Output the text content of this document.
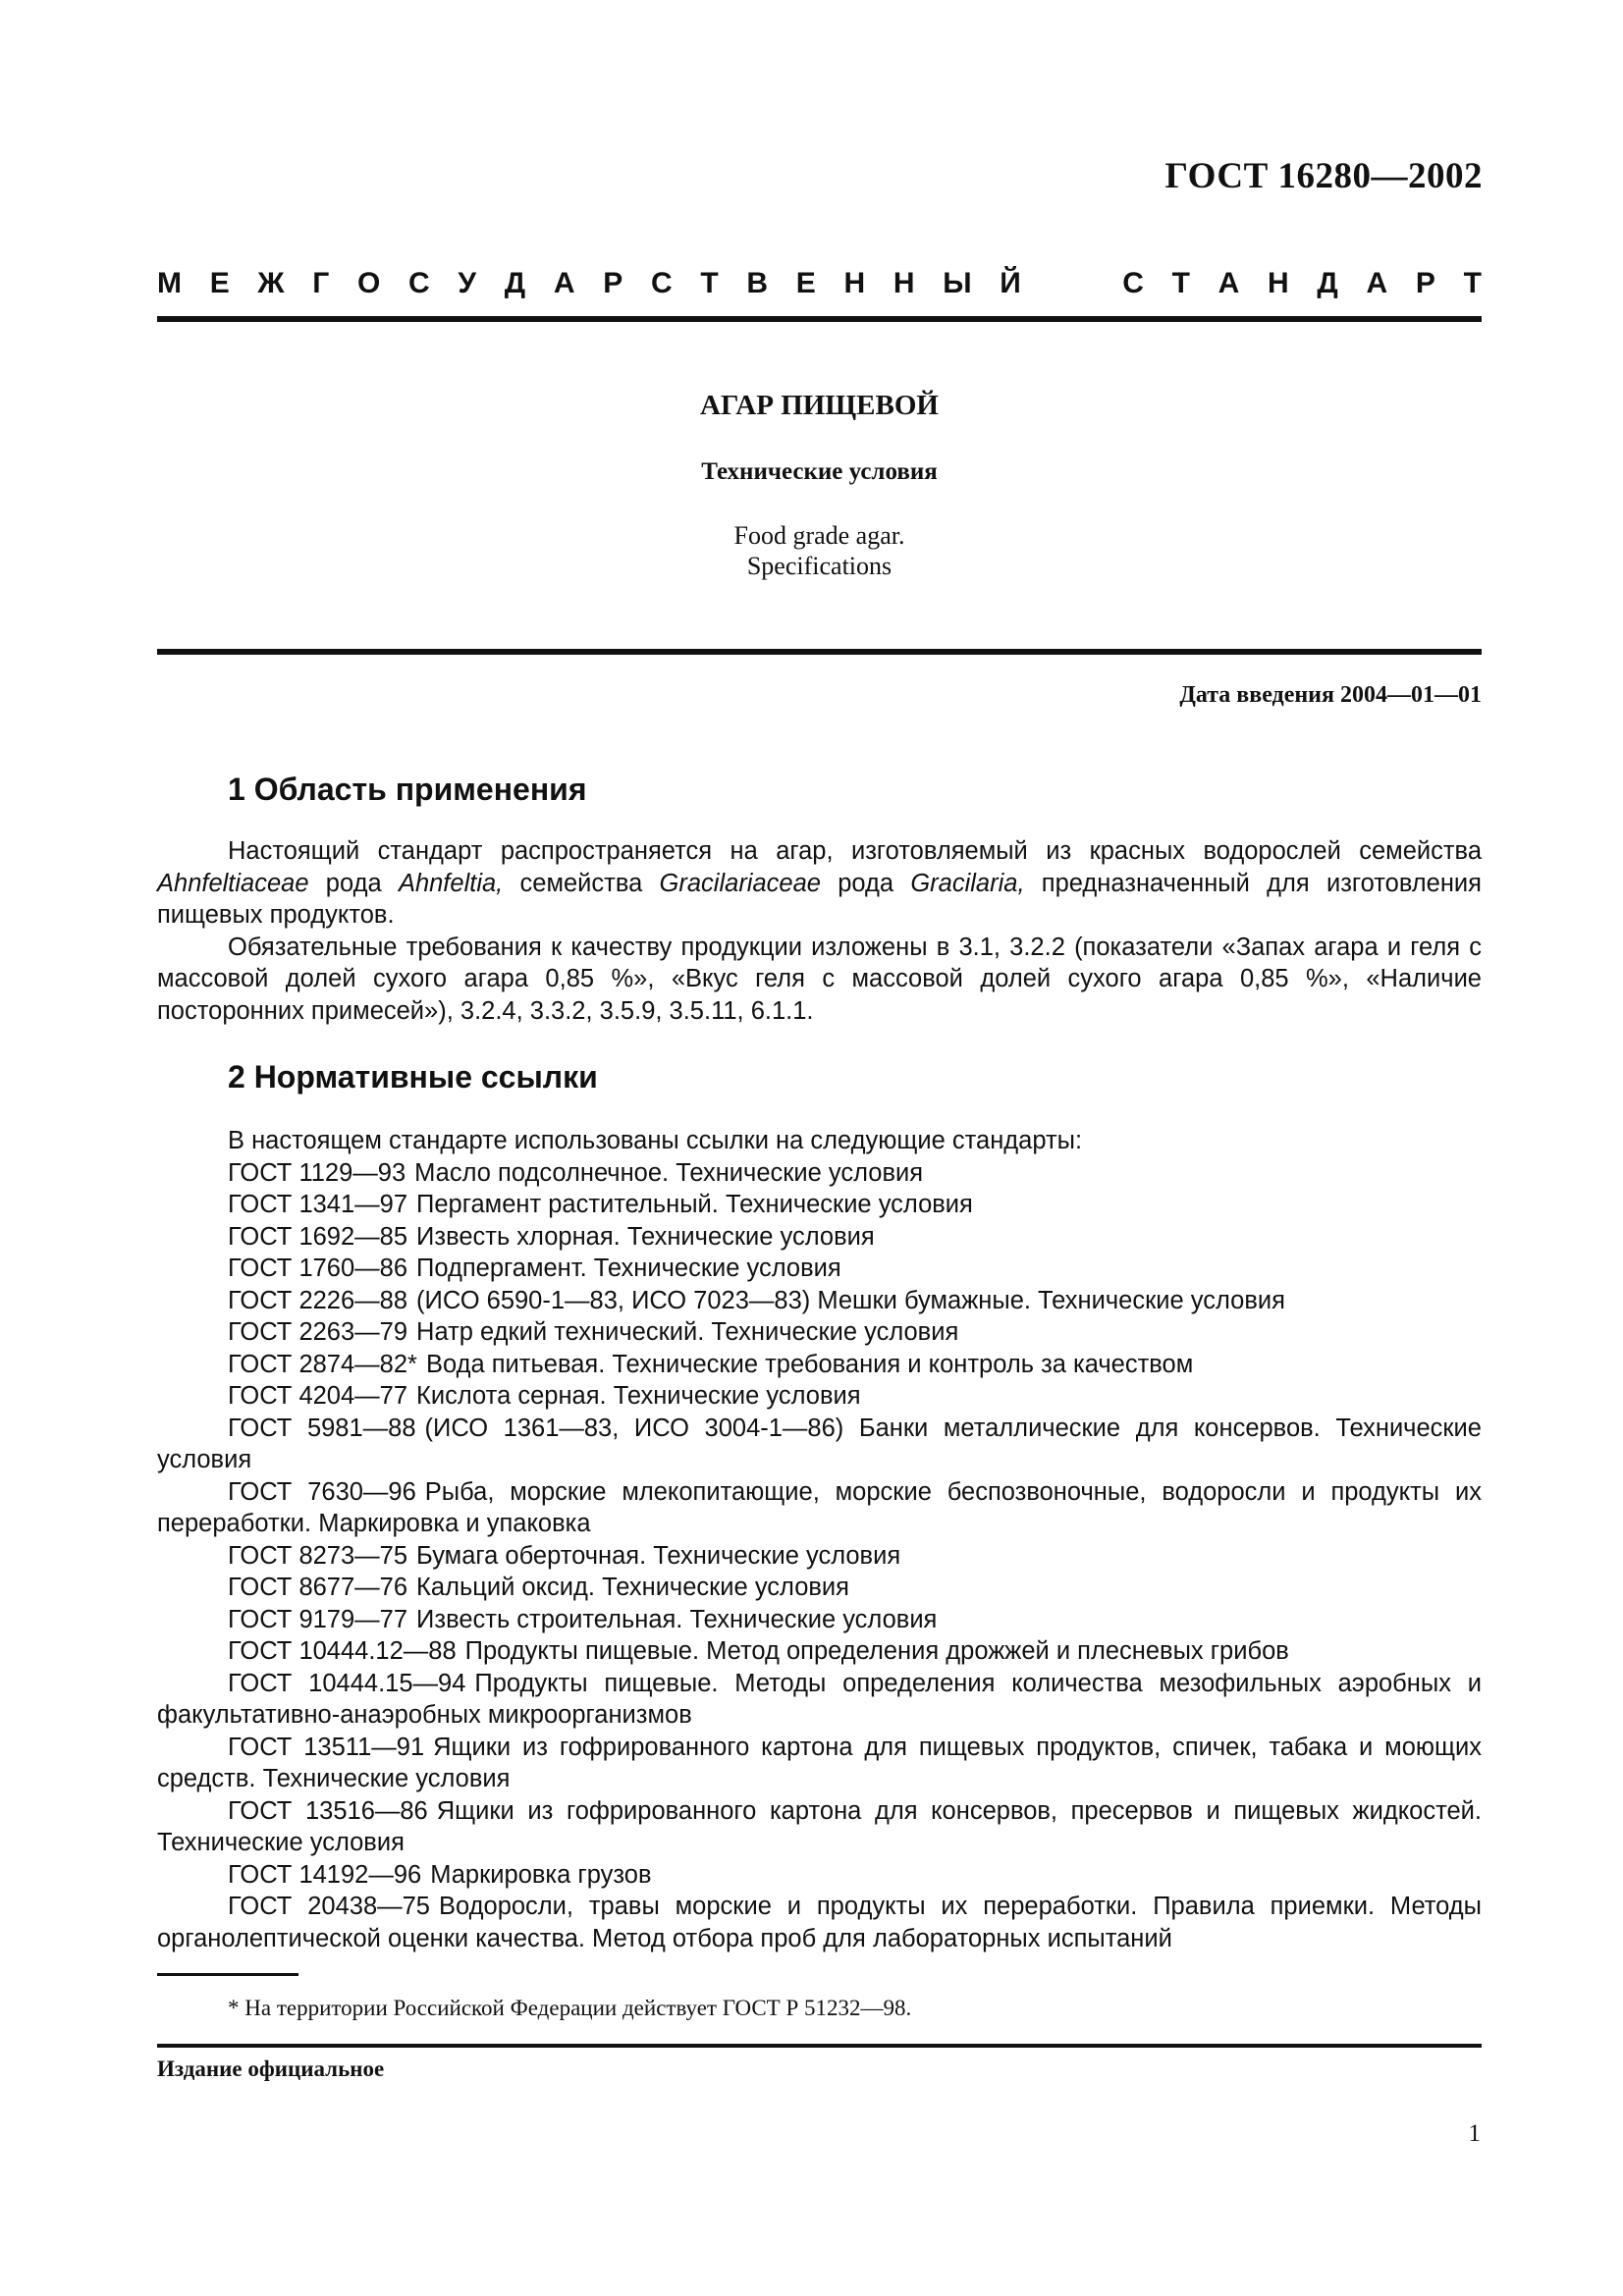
ГОСТ 16280—2002
М Е Ж Г О С У Д А Р С Т В Е Н Н Ы Й	С Т А Н Д А Р Т
АГАР ПИЩЕВОЙ
Технические условия
Food grade agar.
Specifications
Дата введения 2004—01—01
1 Область применения

Настоящий стандарт распространяется на агар, изготовляемый из красных водорослей семейства Ahnfeltiaceae рода Ahnfeltia, семейства Gracilariaceae рода Gracilaria, предназначенный для изготовления пищевых продуктов.

Обязательные требования к качеству продукции изложены в 3.1, 3.2.2 (показатели «Запах агара и геля с массовой долей сухого агара 0,85 %», «Вкус геля с массовой долей сухого агара 0,85 %», «Наличие посторонних примесей»), 3.2.4, 3.3.2, 3.5.9, 3.5.11, 6.1.1.

2 Нормативные ссылки

В настоящем стандарте использованы ссылки на следующие стандарты:

ГОСТ 1129—93 Масло подсолнечное. Технические условия

ГОСТ 1341—97 Пергамент растительный. Технические условия

ГОСТ 1692—85 Известь хлорная. Технические условия

ГОСТ 1760—86 Подпергамент. Технические условия

ГОСТ 2226—88 (ИСО 6590-1—83, ИСО 7023—83) Мешки бумажные. Технические условия

ГОСТ 2263—79 Натр едкий технический. Технические условия

ГОСТ 2874—82* Вода питьевая. Технические требования и контроль за качеством

ГОСТ 4204—77 Кислота серная. Технические условия

ГОСТ 5981—88 (ИСО 1361—83, ИСО 3004-1—86) Банки металлические для консервов. Технические условия

ГОСТ 7630—96 Рыба, морские млекопитающие, морские беспозвоночные, водоросли и продукты их переработки. Маркировка и упаковка

ГОСТ 8273—75 Бумага оберточная. Технические условия

ГОСТ 8677—76 Кальций оксид. Технические условия

ГОСТ 9179—77 Известь строительная. Технические условия

ГОСТ 10444.12—88 Продукты пищевые. Метод определения дрожжей и плесневых грибов

ГОСТ 10444.15—94 Продукты пищевые. Методы определения количества мезофильных аэробных и факультативно-анаэробных микроорганизмов

ГОСТ 13511—91 Ящики из гофрированного картона для пищевых продуктов, спичек, табака и моющих средств. Технические условия

ГОСТ 13516—86 Ящики из гофрированного картона для консервов, пресервов и пищевых жидкостей. Технические условия

ГОСТ 14192—96 Маркировка грузов

ГОСТ 20438—75 Водоросли, травы морские и продукты их переработки. Правила приемки. Методы органолептической оценки качества. Метод отбора проб для лабораторных испытаний

* На территории Российской Федерации действует ГОСТ Р 51232—98.
Издание официальное
1
